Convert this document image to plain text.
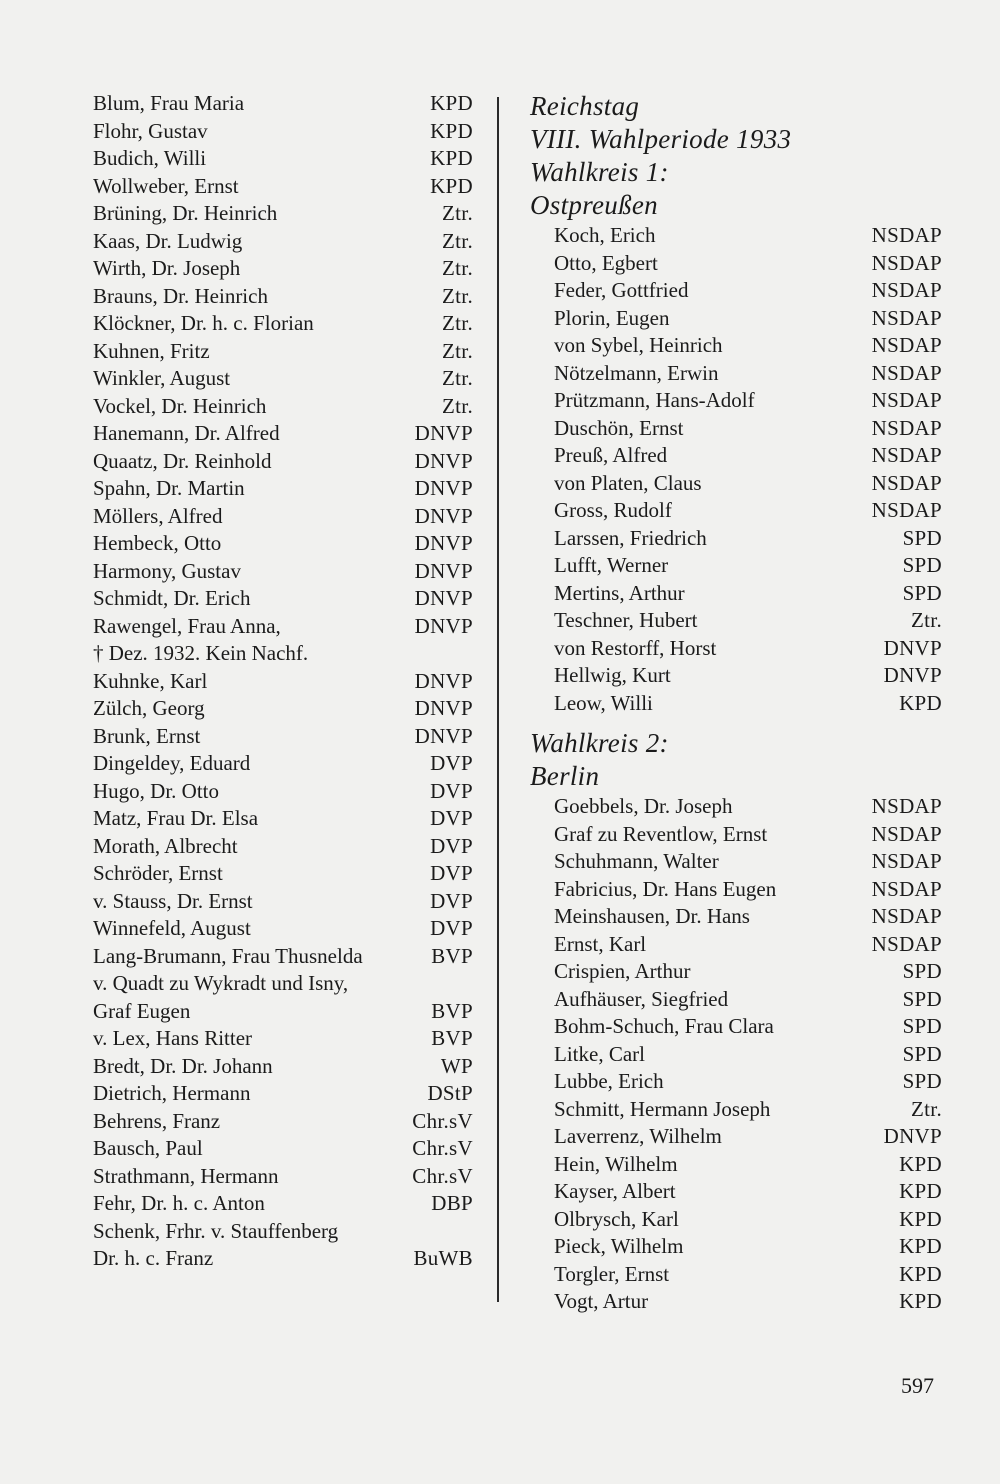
Blum, Frau Maria	KPD
Flohr, Gustav	KPD
Budich, Willi	KPD
Wollweber, Ernst	KPD
Brüning, Dr. Heinrich	Ztr.
Kaas, Dr. Ludwig	Ztr.
Wirth, Dr. Joseph	Ztr.
Brauns, Dr. Heinrich	Ztr.
Klöckner, Dr. h. c. Florian	Ztr.
Kuhnen, Fritz	Ztr.
Winkler, August	Ztr.
Vockel, Dr. Heinrich	Ztr.
Hanemann, Dr. Alfred	DNVP
Quaatz, Dr. Reinhold	DNVP
Spahn, Dr. Martin	DNVP
Möllers, Alfred	DNVP
Hembeck, Otto	DNVP
Harmony, Gustav	DNVP
Schmidt, Dr. Erich	DNVP
Rawengel, Frau Anna,	DNVP
† Dez. 1932. Kein Nachf.
Kuhnke, Karl	DNVP
Zülch, Georg	DNVP
Brunk, Ernst	DNVP
Dingeldey, Eduard	DVP
Hugo, Dr. Otto	DVP
Matz, Frau Dr. Elsa	DVP
Morath, Albrecht	DVP
Schröder, Ernst	DVP
v. Stauss, Dr. Ernst	DVP
Winnefeld, August	DVP
Lang-Brumann, Frau Thusnelda	BVP
v. Quadt zu Wykradt und Isny,
Graf Eugen	BVP
v. Lex, Hans Ritter	BVP
Bredt, Dr. Dr. Johann	WP
Dietrich, Hermann	DStP
Behrens, Franz	Chr.sV
Bausch, Paul	Chr.sV
Strathmann, Hermann	Chr.sV
Fehr, Dr. h. c. Anton	DBP
Schenk, Frhr. v. Stauffenberg
Dr. h. c. Franz	BuWB
Reichstag
VIII. Wahlperiode 1933
Wahlkreis 1:
Ostpreußen
Koch, Erich	NSDAP
Otto, Egbert	NSDAP
Feder, Gottfried	NSDAP
Plorin, Eugen	NSDAP
von Sybel, Heinrich	NSDAP
Nötzelmann, Erwin	NSDAP
Prützmann, Hans-Adolf	NSDAP
Duschön, Ernst	NSDAP
Preuß, Alfred	NSDAP
von Platen, Claus	NSDAP
Gross, Rudolf	NSDAP
Larssen, Friedrich	SPD
Lufft, Werner	SPD
Mertins, Arthur	SPD
Teschner, Hubert	Ztr.
von Restorff, Horst	DNVP
Hellwig, Kurt	DNVP
Leow, Willi	KPD
Wahlkreis 2:
Berlin
Goebbels, Dr. Joseph	NSDAP
Graf zu Reventlow, Ernst	NSDAP
Schuhmann, Walter	NSDAP
Fabricius, Dr. Hans Eugen	NSDAP
Meinshausen, Dr. Hans	NSDAP
Ernst, Karl	NSDAP
Crispien, Arthur	SPD
Aufhäuser, Siegfried	SPD
Bohm-Schuch, Frau Clara	SPD
Litke, Carl	SPD
Lubbe, Erich	SPD
Schmitt, Hermann Joseph	Ztr.
Laverrenz, Wilhelm	DNVP
Hein, Wilhelm	KPD
Kayser, Albert	KPD
Olbrysch, Karl	KPD
Pieck, Wilhelm	KPD
Torgler, Ernst	KPD
Vogt, Artur	KPD
597
